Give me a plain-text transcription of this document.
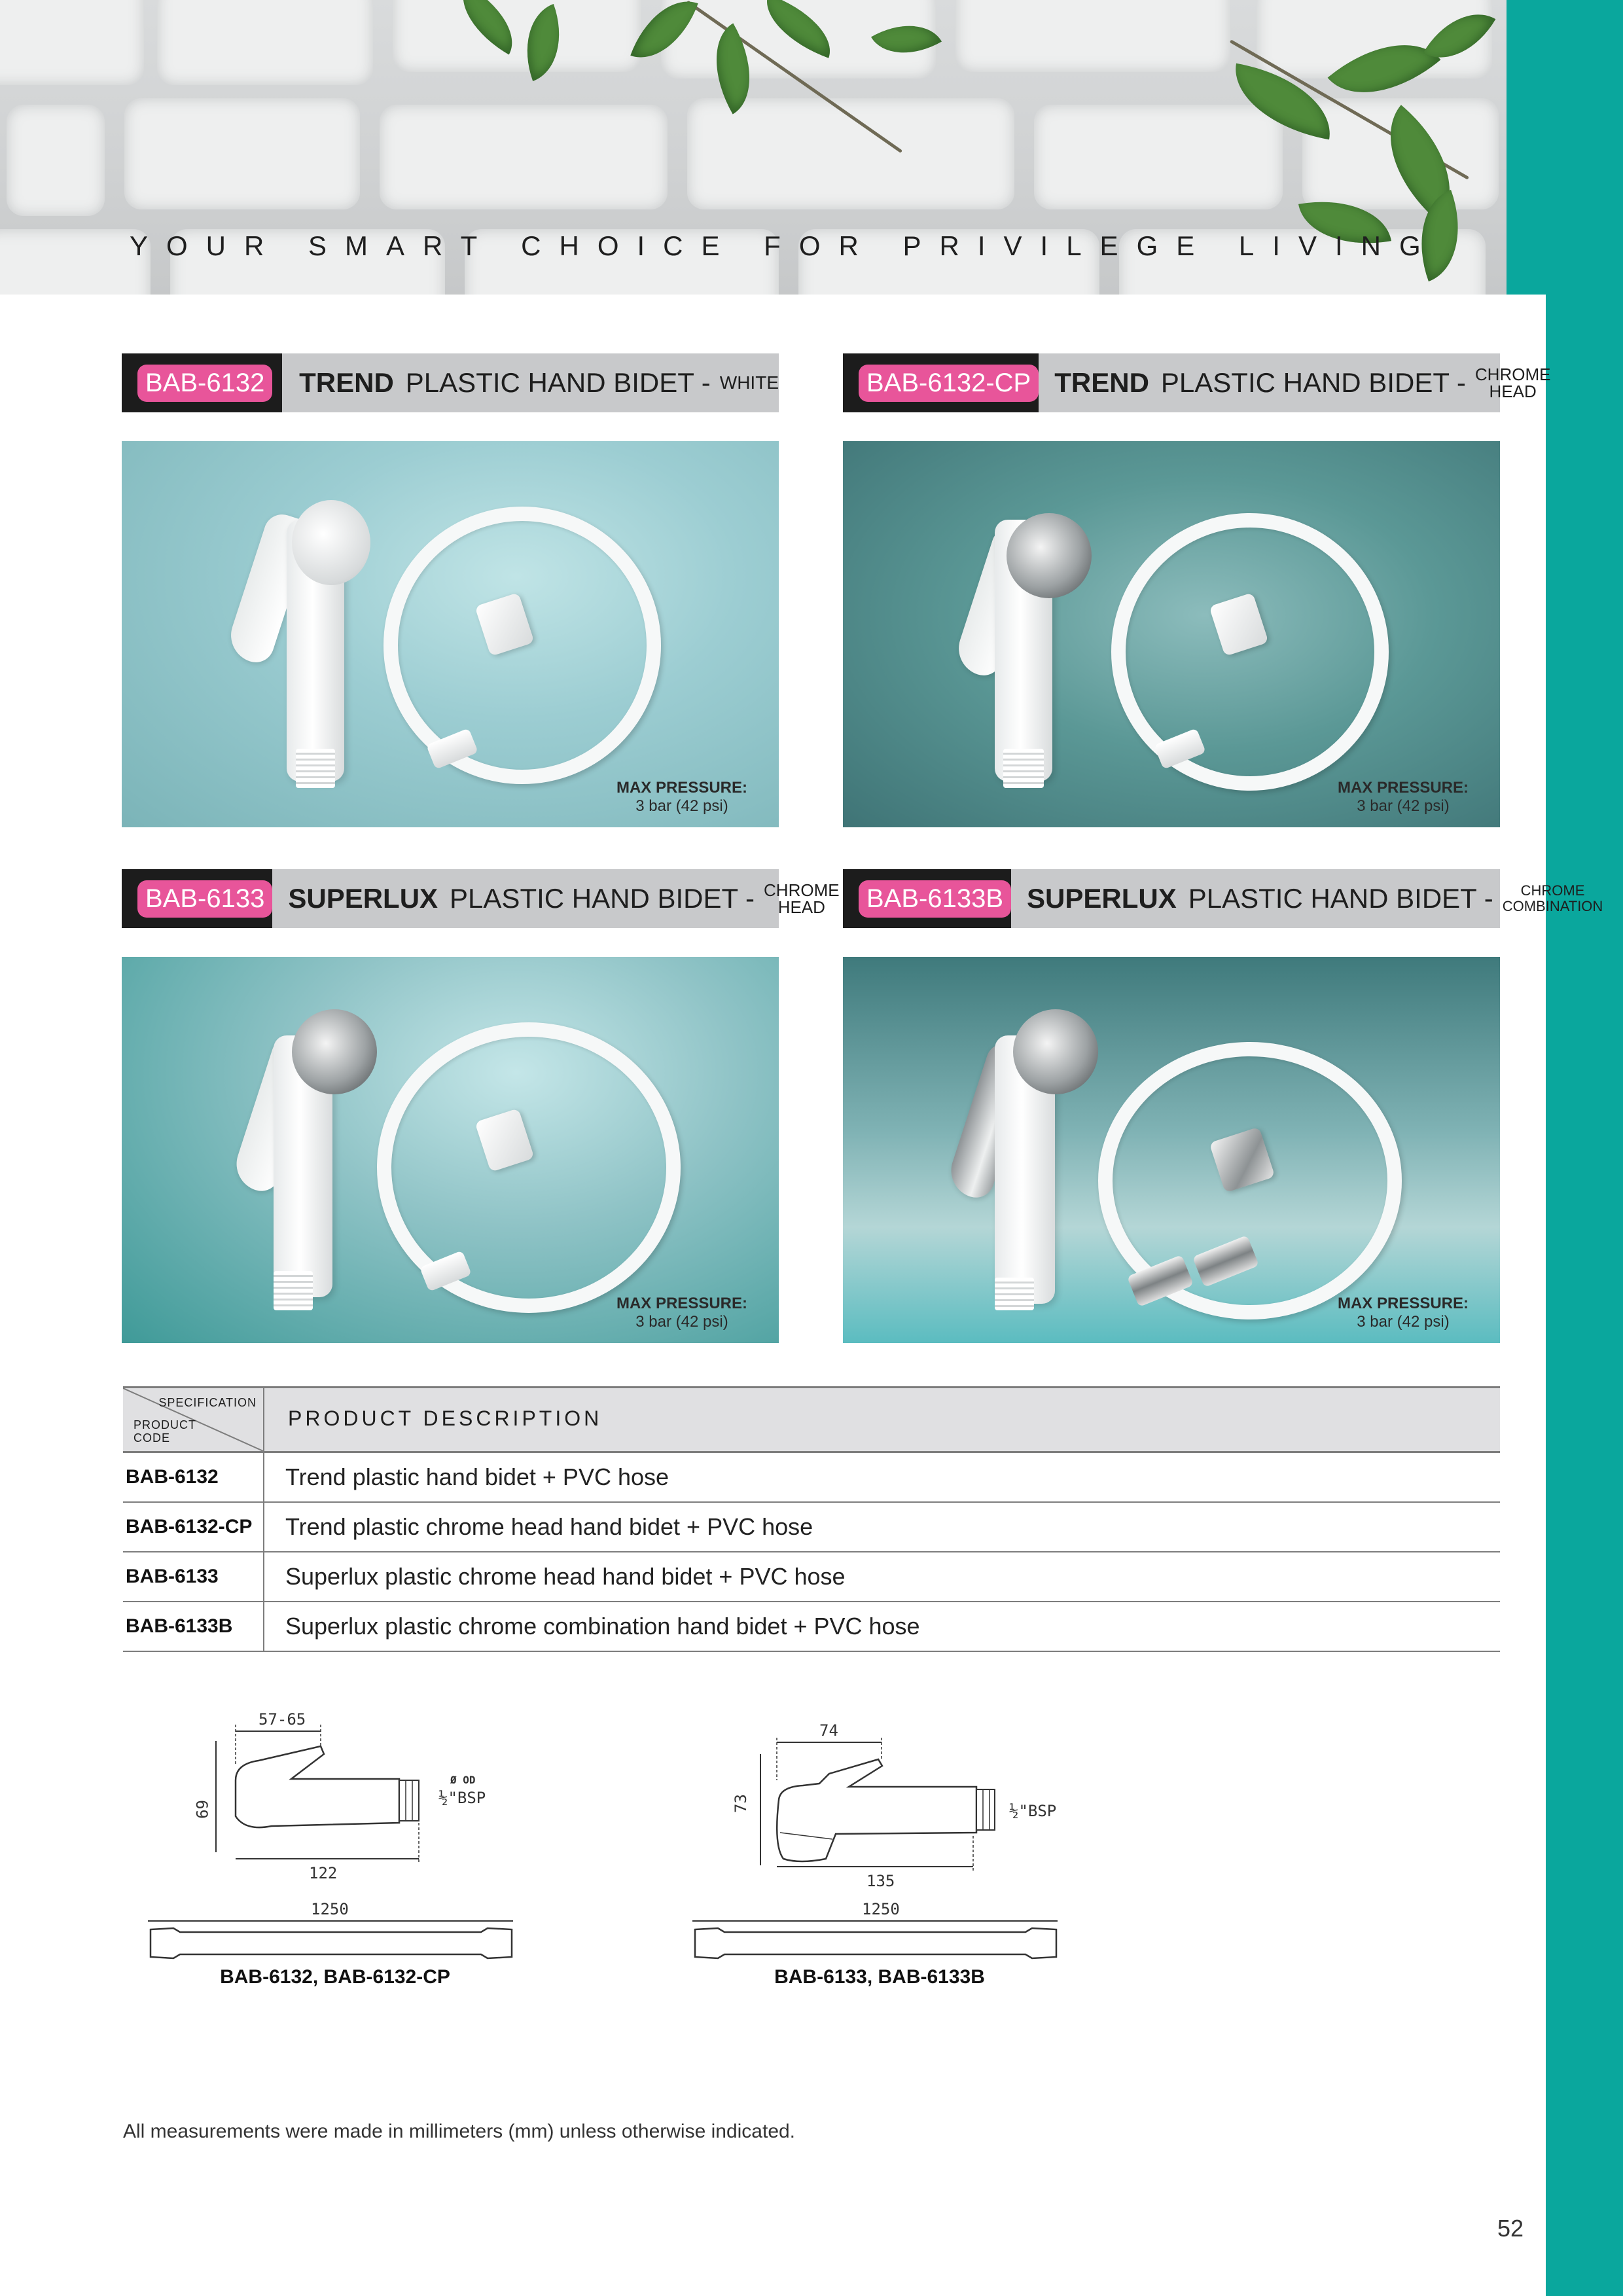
YOUR SMART CHOICE FOR PRIVILEGE LIVING
BAB-6132 TREND PLASTIC HAND BIDET - WHITE	BAB-6132-CP TREND PLASTIC HAND BIDET - CHROME
HEAD
BAB-6133 SUPERLUX PLASTIC HAND BIDET - CHROME
HEAD	BAB-6133B SUPERLUX PLASTIC HAND BIDET -	CHROME
COMBINATION
MAX PRESSURE:
3 bar (42 psi)
MAX PRESSURE:
3 bar (42 psi)
MAX PRESSURE:
3 bar (42 psi)
MAX PRESSURE:
3 bar (42 psi)
SPECIFICATION
PRODUCT
CODE
PRODUCT DESCRIPTION
BAB-6132	Trend plastic hand bidet + PVC hose
BAB-6132-CP Trend plastic chrome head hand bidet + PVC hose
BAB-6133	Superlux plastic chrome head hand bidet + PVC hose
BAB-6133B Superlux plastic chrome combination hand bidet + PVC hose
57-65
69
Ø OD
½"BSP
122
1250
BAB-6132, BAB-6132-CP
74
73	½"BSP
135
1250
BAB-6133, BAB-6133B
All measurements were made in millimeters (mm) unless otherwise indicated.
52
